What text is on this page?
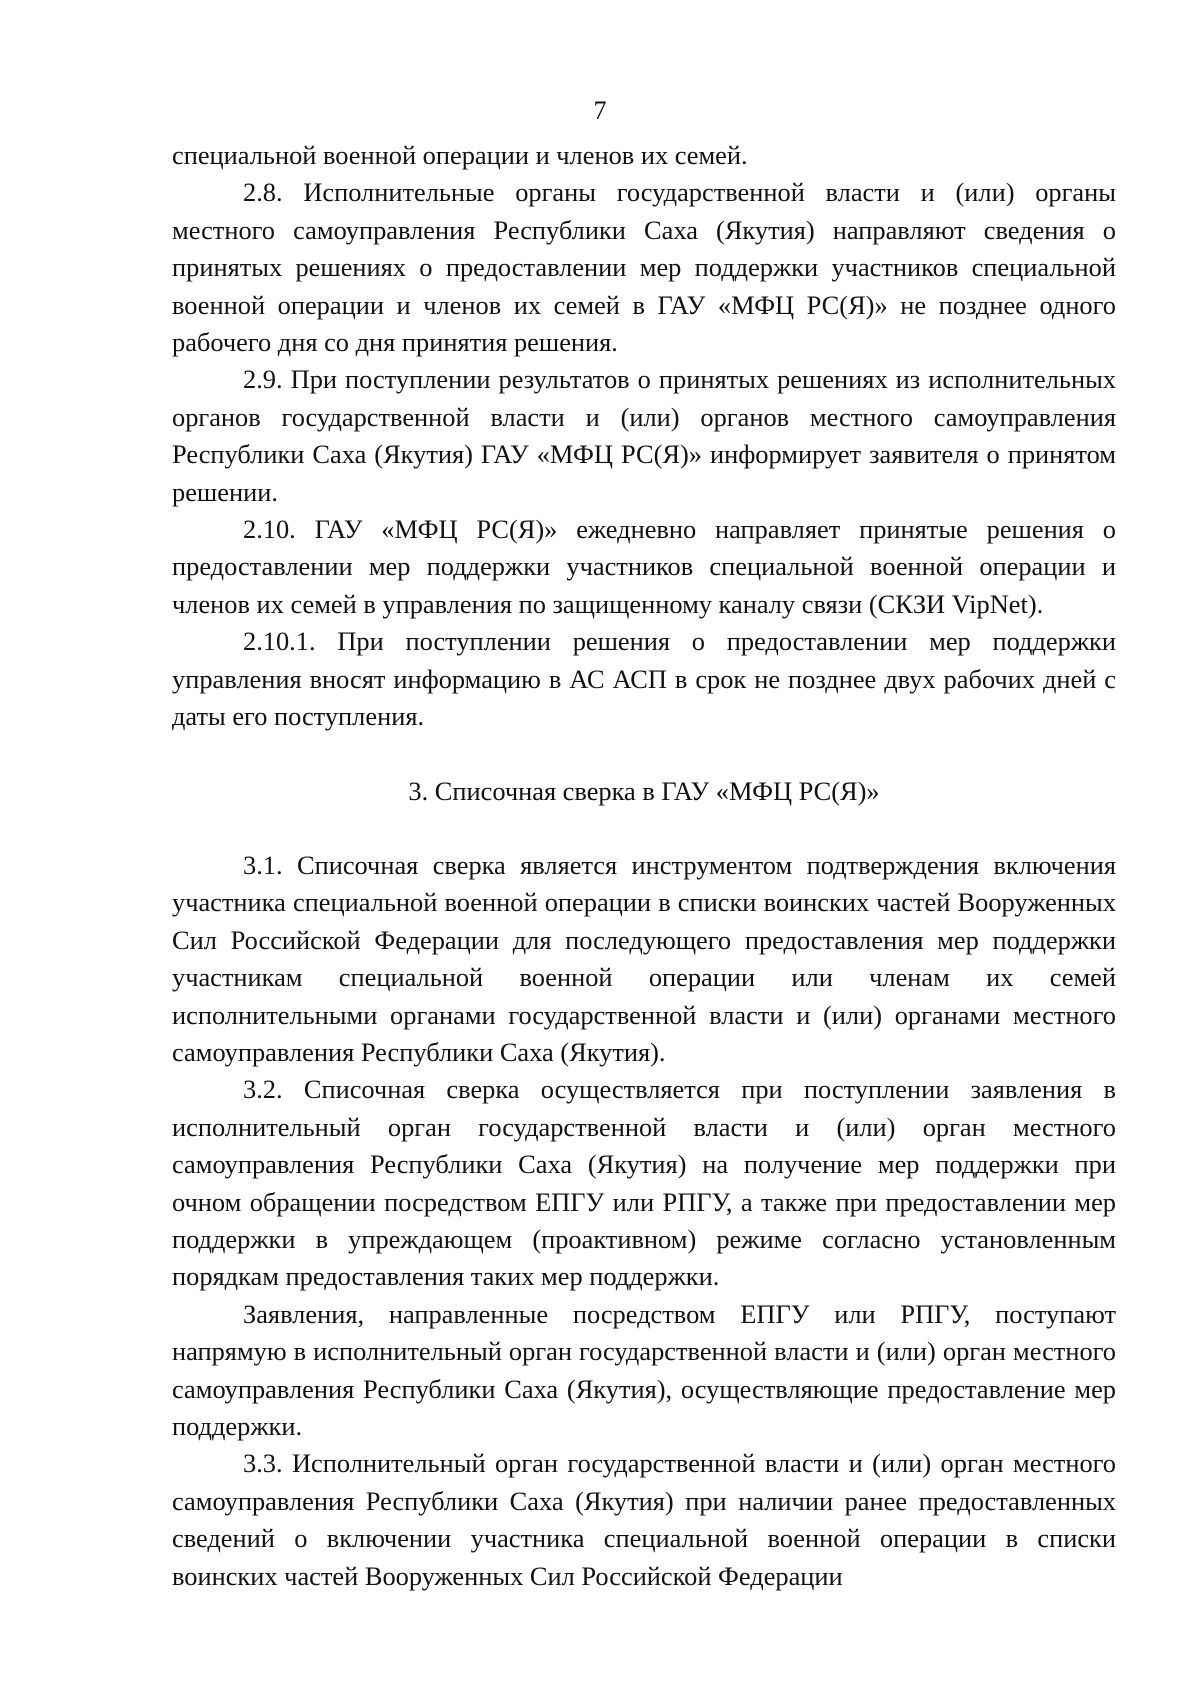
7

специальной военной операции и членов их семей.

2.8. Исполнительные органы государственной власти и (или) органы местного самоуправления Республики Саха (Якутия) направляют сведения о принятых решениях о предоставлении мер поддержки участников специальной военной операции и членов их семей в ГАУ «МФЦ РС(Я)» не позднее одного рабочего дня со дня принятия решения.

2.9. При поступлении результатов о принятых решениях из исполнительных органов государственной власти и (или) органов местного самоуправления Республики Саха (Якутия) ГАУ «МФЦ РС(Я)» информирует заявителя о принятом решении.

2.10. ГАУ «МФЦ РС(Я)» ежедневно направляет принятые решения о предоставлении мер поддержки участников специальной военной операции и членов их семей в управления по защищенному каналу связи (СКЗИ VipNet).

2.10.1. При поступлении решения о предоставлении мер поддержки управления вносят информацию в АС АСП в срок не позднее двух рабочих дней с даты его поступления.

3. Списочная сверка в ГАУ «МФЦ РС(Я)»

3.1. Списочная сверка является инструментом подтверждения включения участника специальной военной операции в списки воинских частей Вооруженных Сил Российской Федерации для последующего предоставления мер поддержки участникам специальной военной операции или членам их семей исполнительными органами государственной власти и (или) органами местного самоуправления Республики Саха (Якутия).

3.2. Списочная сверка осуществляется при поступлении заявления в исполнительный орган государственной власти и (или) орган местного самоуправления Республики Саха (Якутия) на получение мер поддержки при очном обращении посредством ЕПГУ или РПГУ, а также при предоставлении мер поддержки в упреждающем (проактивном) режиме согласно установленным порядкам предоставления таких мер поддержки.

Заявления, направленные посредством ЕПГУ или РПГУ, поступают напрямую в исполнительный орган государственной власти и (или) орган местного самоуправления Республики Саха (Якутия), осуществляющие предоставление мер поддержки.

3.3. Исполнительный орган государственной власти и (или) орган местного самоуправления Республики Саха (Якутия) при наличии ранее предоставленных сведений о включении участника специальной военной операции в списки воинских частей Вооруженных Сил Российской Федерации
